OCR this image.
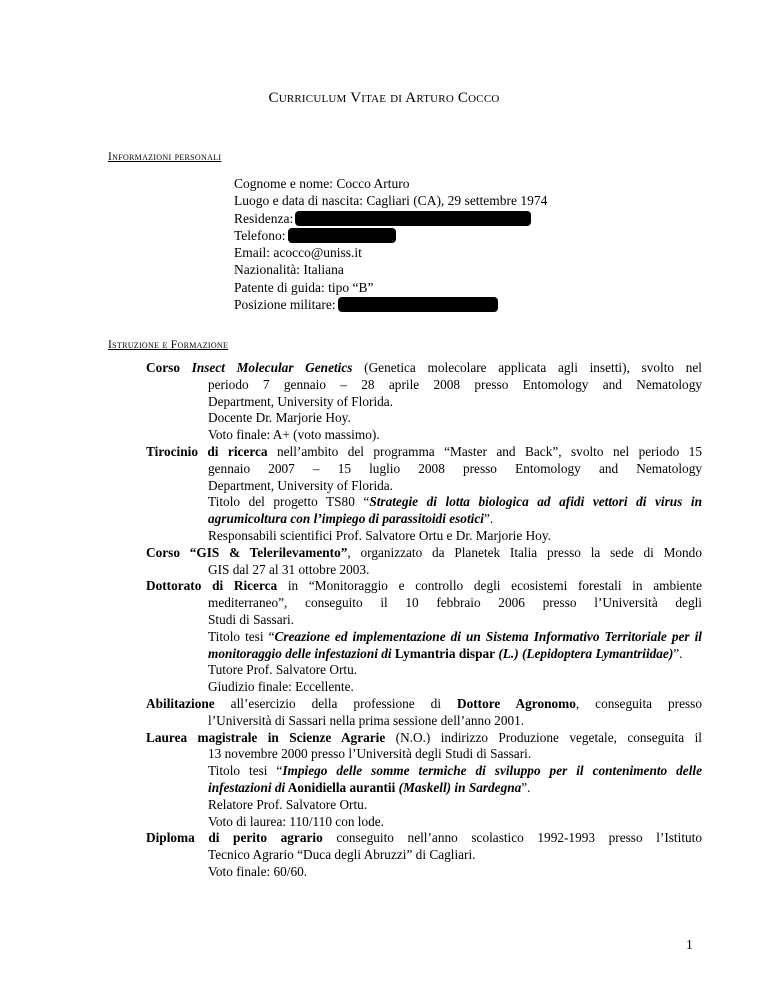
Curriculum Vitae di Arturo Cocco
Informazioni personali
Cognome e nome: Cocco Arturo
Luogo e data di nascita: Cagliari (CA), 29 settembre 1974
Residenza:
Telefono:
Email: acocco@uniss.it
Nazionalità: Italiana
Patente di guida: tipo “B”
Posizione militare:
Istruzione e Formazione
Corso Insect Molecular Genetics (Genetica molecolare applicata agli insetti), svolto nel
periodo 7 gennaio – 28 aprile 2008 presso Entomology and Nematology
Department, University of Florida.
Docente Dr. Marjorie Hoy.
Voto finale: A+ (voto massimo).
Tirocinio di ricerca nell’ambito del programma “Master and Back”, svolto nel periodo 15
gennaio 2007 – 15 luglio 2008 presso Entomology and Nematology
Department, University of Florida.
Titolo del progetto TS80 “Strategie di lotta biologica ad afidi vettori di virus in agrumicoltura con l’impiego di parassitoidi esotici”.
Responsabili scientifici Prof. Salvatore Ortu e Dr. Marjorie Hoy.
Corso “GIS & Telerilevamento”, organizzato da Planetek Italia presso la sede di Mondo
GIS dal 27 al 31 ottobre 2003.
Dottorato di Ricerca in “Monitoraggio e controllo degli ecosistemi forestali in ambiente
mediterraneo”, conseguito il 10 febbraio 2006 presso l’Università degli
Studi di Sassari.
Titolo tesi “Creazione ed implementazione di un Sistema Informativo Territoriale per il monitoraggio delle infestazioni di Lymantria dispar (L.) (Lepidoptera Lymantriidae)”.
Tutore Prof. Salvatore Ortu.
Giudizio finale: Eccellente.
Abilitazione all’esercizio della professione di Dottore Agronomo, conseguita presso
l’Università di Sassari nella prima sessione dell’anno 2001.
Laurea magistrale in Scienze Agrarie (N.O.) indirizzo Produzione vegetale, conseguita il
13 novembre 2000 presso l’Università degli Studi di Sassari.
Titolo tesi “Impiego delle somme termiche di sviluppo per il contenimento delle infestazioni di Aonidiella aurantii (Maskell) in Sardegna”.
Relatore Prof. Salvatore Ortu.
Voto di laurea: 110/110 con lode.
Diploma di perito agrario conseguito nell’anno scolastico 1992-1993 presso l’Istituto
Tecnico Agrario “Duca degli Abruzzi” di Cagliari.
Voto finale: 60/60.
1
